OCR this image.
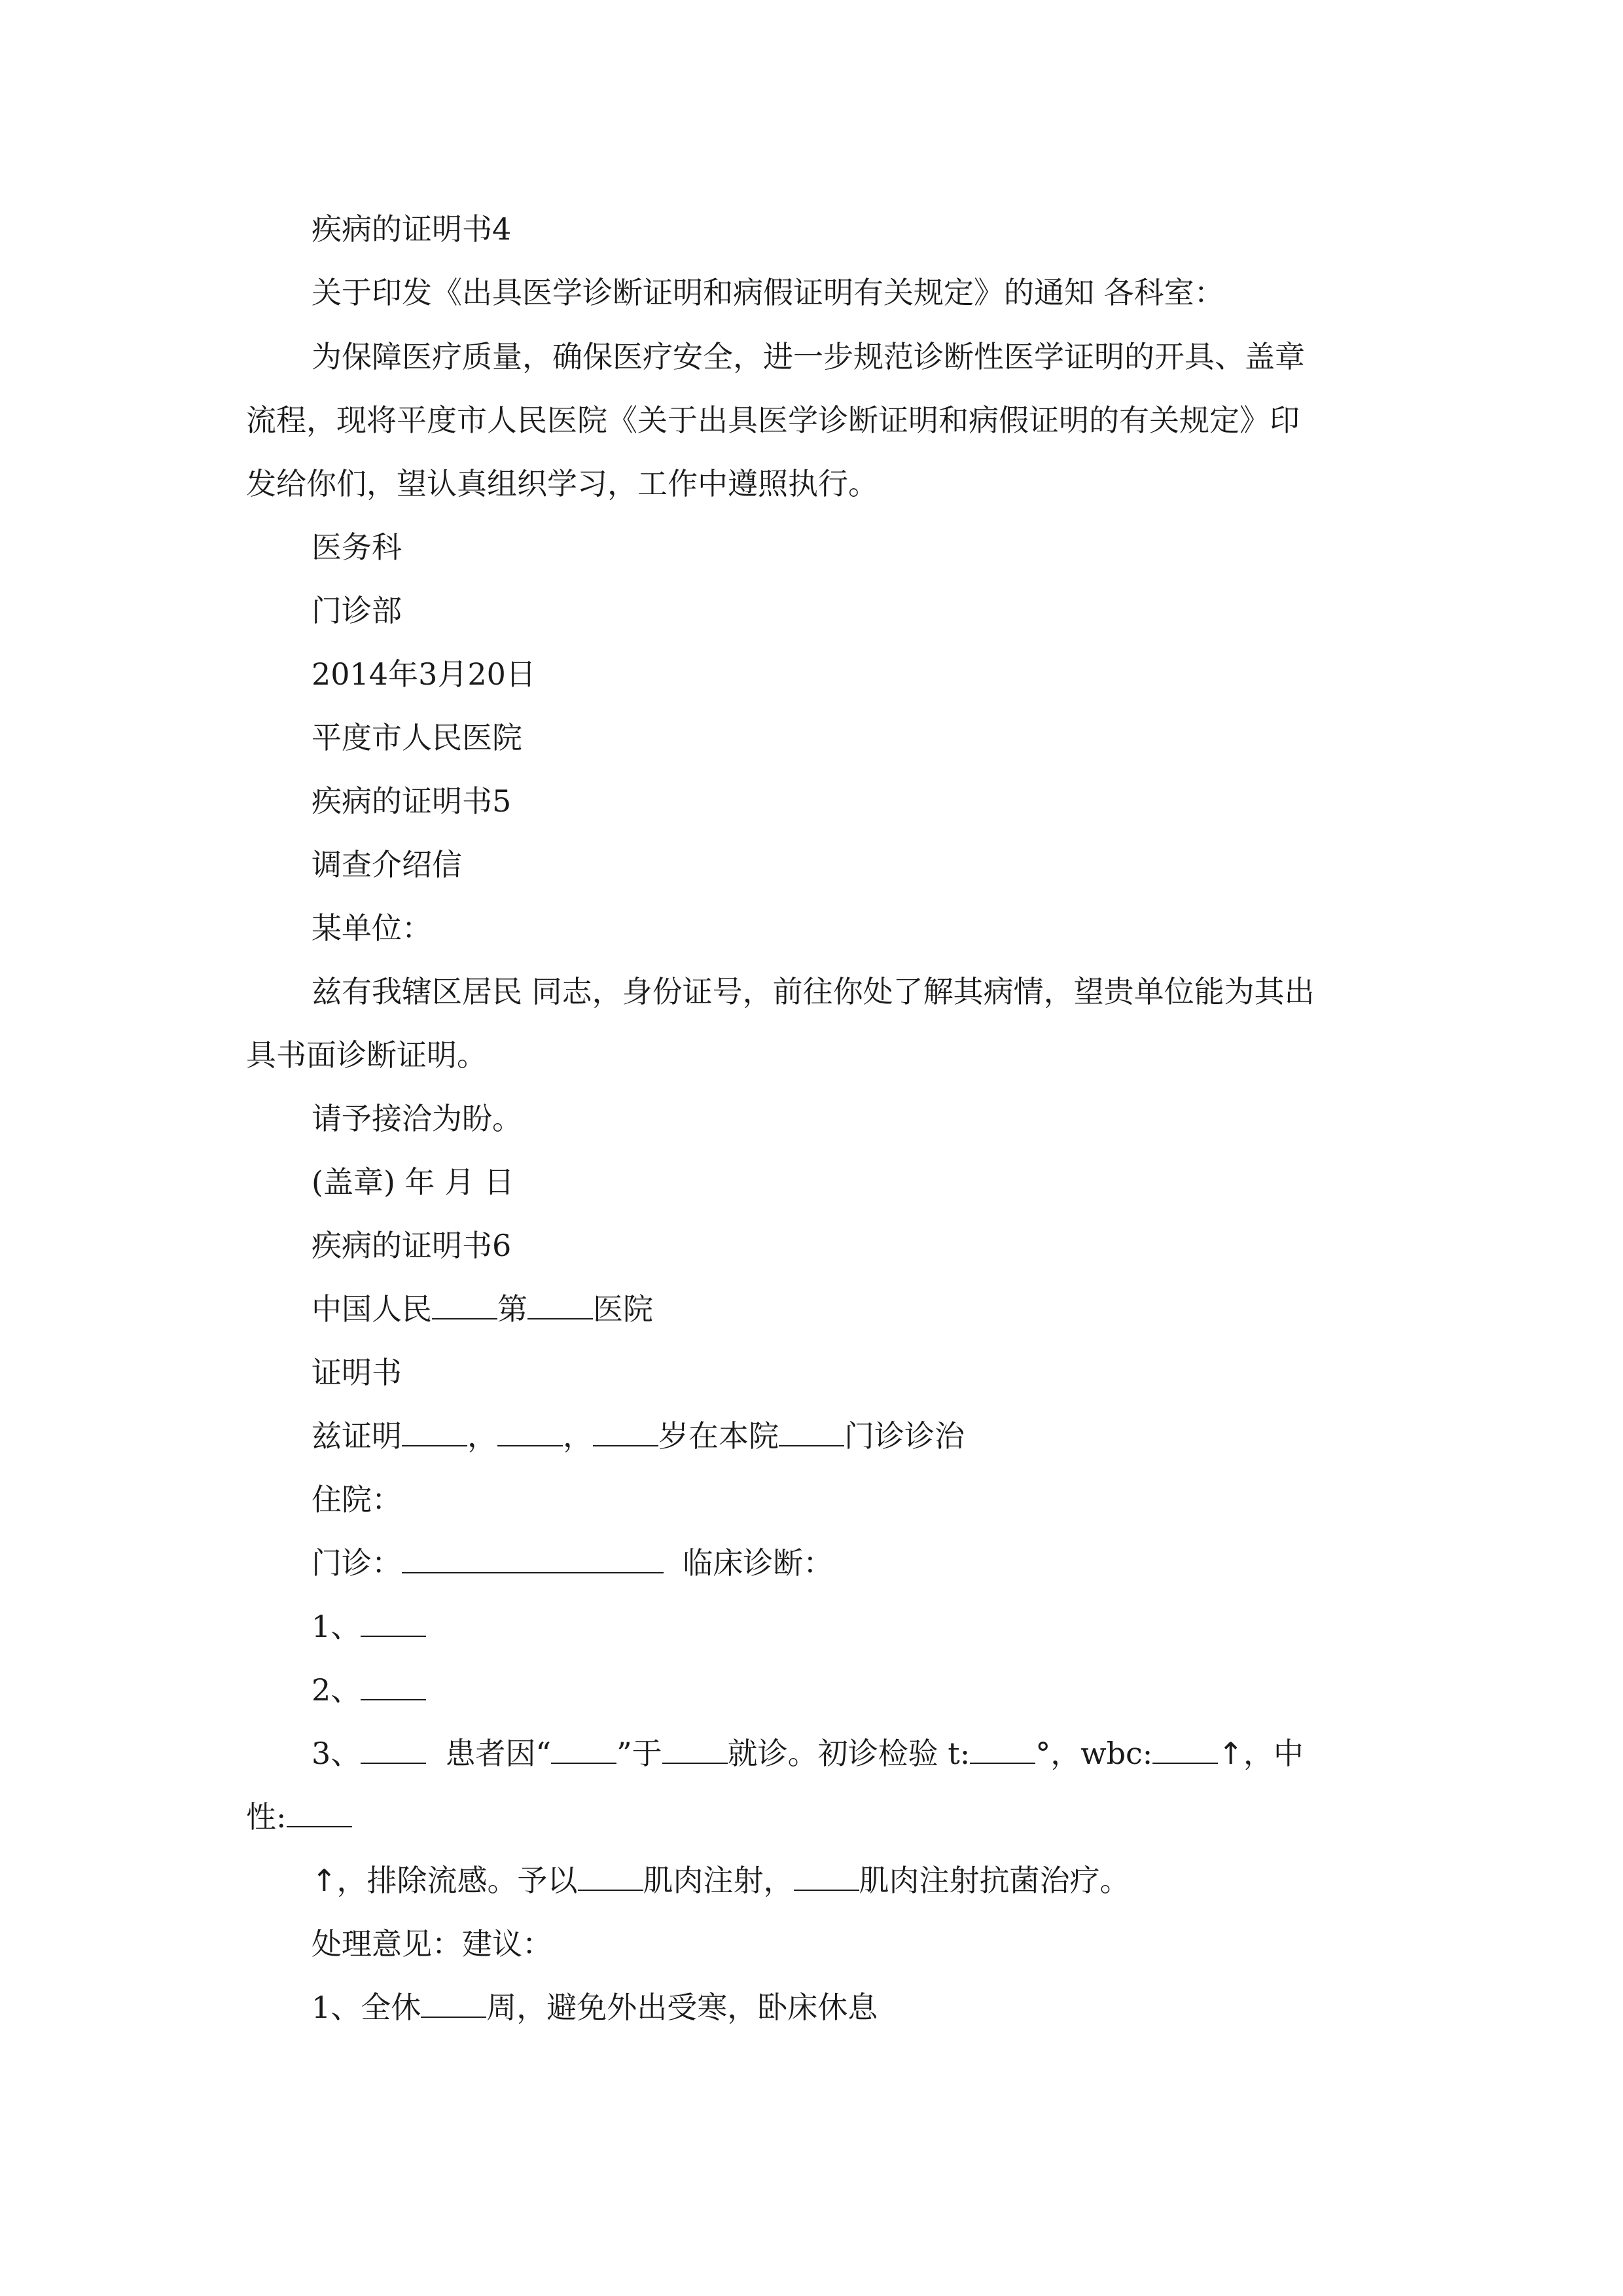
疾病的证明书4
关于印发《出具医学诊断证明和病假证明有关规定》的通知 各科室：
为保障医疗质量，确保医疗安全，进一步规范诊断性医学证明的开具、盖章
流程，现将平度市人民医院《关于出具医学诊断证明和病假证明的有关规定》印
发给你们，望认真组织学习，工作中遵照执行。
医务科
门诊部
2014年3月20日
平度市人民医院
疾病的证明书5
调查介绍信
某单位：
兹有我辖区居民 同志，身份证号，前往你处了解其病情，望贵单位能为其出
具书面诊断证明。
请予接洽为盼。
(盖章) 年 月 日
疾病的证明书6
中国人民 第 医院
证明书
兹证明 ， ， 岁在本院 门诊诊治
住院：
门诊：	临床诊断：
1、
2、
3、	患者因“ ”于 就诊。初诊检验 t: °，wbc: ↑，中
性:
↑，排除流感。予以 肌肉注射， 肌肉注射抗菌治疗。
处理意见：建议：
1、全休 周，避免外出受寒，卧床休息
